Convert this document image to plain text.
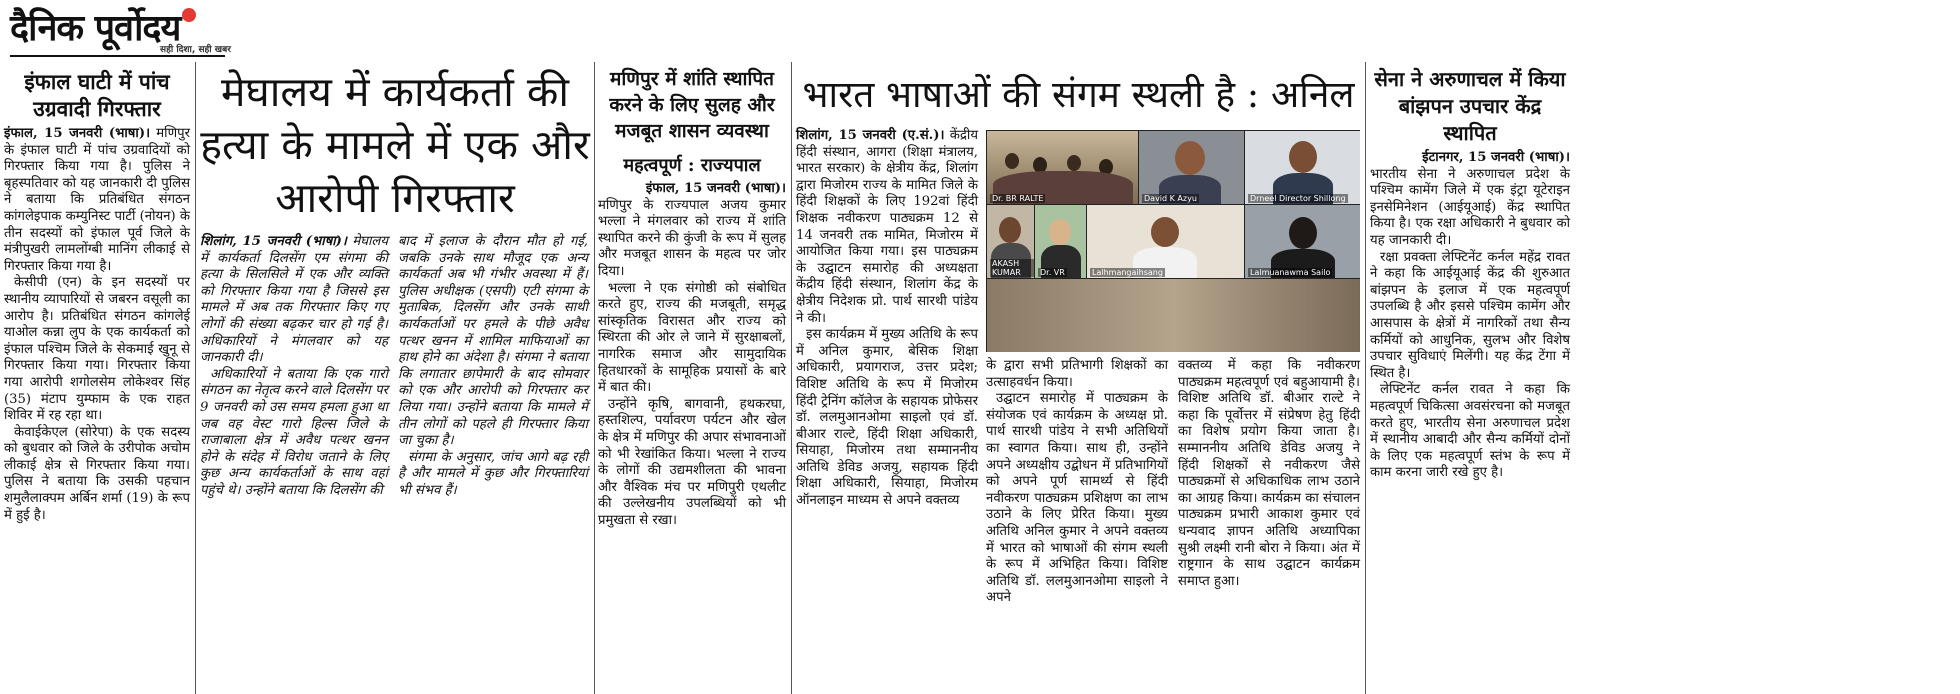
दैनिक पूर्वोदय
सही दिशा, सही खबर
इंफाल घाटी में पांच उग्रवादी गिरफ्तार

इंफाल, 15 जनवरी (भाषा)। मणिपुर के इंफाल घाटी में पांच उग्रवादियों को गिरफ्तार किया गया है। पुलिस ने बृहस्पतिवार को यह जानकारी दी पुलिस ने बताया कि प्रतिबंधित संगठन कांगलेइपाक कम्युनिस्ट पार्टी (नोयन) के तीन सदस्यों को इंफाल पूर्व जिले के मंत्रीपुखरी लामलोंग्बी मानिंग लीकाई से गिरफ्तार किया गया है।

केसीपी (एन) के इन सदस्यों पर स्थानीय व्यापारियों से जबरन वसूली का आरोप है। प्रतिबंधित संगठन कांगलेई याओल कन्ना लुप के एक कार्यकर्ता को इंफाल पश्चिम जिले के सेकमाई खुनू से गिरफ्तार किया गया। गिरफ्तार किया गया आरोपी शगोलसेम लोकेश्वर सिंह (35) मंटाप युम्फाम के एक राहत शिविर में रह रहा था।

केवाईकेएल (सोरेपा) के एक सदस्य को बुधवार को जिले के उरीपोक अचोम लीकाई क्षेत्र से गिरफ्तार किया गया। पुलिस ने बताया कि उसकी पहचान शमुलैलाक्पम अर्बिन शर्मा (19) के रूप में हुई है।

मेघालय में कार्यकर्ता की हत्या के मामले में एक और आरोपी गिरफ्तार

शिलांग, 15 जनवरी (भाषा)। मेघालय में कार्यकर्ता दिलसेंग एम संगमा की हत्या के सिलसिले में एक और व्यक्ति को गिरफ्तार किया गया है जिससे इस मामले में अब तक गिरफ्तार किए गए लोगों की संख्या बढ़कर चार हो गई है। अधिकारियों ने मंगलवार को यह जानकारी दी।

अधिकारियों ने बताया कि एक गारो संगठन का नेतृत्व करने वाले दिलसेंग पर 9 जनवरी को उस समय हमला हुआ था जब वह वेस्ट गारो हिल्स जिले के राजाबाला क्षेत्र में अवैध पत्थर खनन होने के संदेह में विरोध जताने के लिए कुछ अन्य कार्यकर्ताओं के साथ वहां पहुंचे थे। उन्होंने बताया कि दिलसेंग की

बाद में इलाज के दौरान मौत हो गई, जबकि उनके साथ मौजूद एक अन्य कार्यकर्ता अब भी गंभीर अवस्था में हैं। पुलिस अधीक्षक (एसपी) एटी संगमा के मुताबिक, दिलसेंग और उनके साथी कार्यकर्ताओं पर हमले के पीछे अवैध पत्थर खनन में शामिल माफियाओं का हाथ होने का अंदेशा है। संगमा ने बताया कि लगातार छापेमारी के बाद सोमवार को एक और आरोपी को गिरफ्तार कर लिया गया। उन्होंने बताया कि मामले में तीन लोगों को पहले ही गिरफ्तार किया जा चुका है।

संगमा के अनुसार, जांच आगे बढ़ रही है और मामले में कुछ और गिरफ्तारियां भी संभव हैं।

मणिपुर में शांति स्थापित करने के लिए सुलह और मजबूत शासन व्यवस्था
महत्वपूर्ण : राज्यपाल

इंफाल, 15 जनवरी (भाषा)।

मणिपुर के राज्यपाल अजय कुमार भल्ला ने मंगलवार को राज्य में शांति स्थापित करने की कुंजी के रूप में सुलह और मजबूत शासन के महत्व पर जोर दिया।

भल्ला ने एक संगोष्ठी को संबोधित करते हुए, राज्य की मजबूती, समृद्ध सांस्कृतिक विरासत और राज्य को स्थिरता की ओर ले जाने में सुरक्षाबलों, नागरिक समाज और सामुदायिक हितधारकों के सामूहिक प्रयासों के बारे में बात की।

उन्होंने कृषि, बागवानी, हथकरघा, हस्तशिल्प, पर्यावरण पर्यटन और खेल के क्षेत्र में मणिपुर की अपार संभावनाओं को भी रेखांकित किया। भल्ला ने राज्य के लोगों की उद्यमशीलता की भावना और वैश्विक मंच पर मणिपुरी एथलीट की उल्लेखनीय उपलब्धियों को भी प्रमुखता से रखा।

भारत भाषाओं की संगम स्थली है : अनिल

शिलांग, 15 जनवरी (ए.सं.)। केंद्रीय हिंदी संस्थान, आगरा (शिक्षा मंत्रालय, भारत सरकार) के क्षेत्रीय केंद्र, शिलांग द्वारा मिजोरम राज्य के मामित जिले के हिंदी शिक्षकों के लिए 192वां हिंदी शिक्षक नवीकरण पाठ्यक्रम 12 से 14 जनवरी तक मामित, मिजोरम में आयोजित किया गया। इस पाठ्यक्रम के उद्घाटन समारोह की अध्यक्षता केंद्रीय हिंदी संस्थान, शिलांग केंद्र के क्षेत्रीय निदेशक प्रो. पार्थ सारथी पांडेय ने की।

इस कार्यक्रम में मुख्य अतिथि के रूप में अनिल कुमार, बेसिक शिक्षा अधिकारी, प्रयागराज, उत्तर प्रदेश; विशिष्ट अतिथि के रूप में मिजोरम हिंदी ट्रेनिंग कॉलेज के सहायक प्रोफेसर डॉ. ललमुआनओमा साइलो एवं डॉ. बीआर राल्टे, हिंदी शिक्षा अधिकारी, सियाहा, मिजोरम तथा सम्माननीय अतिथि डेविड अजयु, सहायक हिंदी शिक्षा अधिकारी, सियाहा, मिजोरम ऑनलाइन माध्यम से अपने वक्तव्य

Dr. BR RALTE	David K Azyu	Drneel Director Shillong
AKASH KUMAR	Dr. VR	Lalhmangaihsang	Lalmuanawma Sailo

के द्वारा सभी प्रतिभागी शिक्षकों का उत्साहवर्धन किया।

उद्घाटन समारोह में पाठ्यक्रम के संयोजक एवं कार्यक्रम के अध्यक्ष प्रो. पार्थ सारथी पांडेय ने सभी अतिथियों का स्वागत किया। साथ ही, उन्होंने अपने अध्यक्षीय उद्बोधन में प्रतिभागियों को अपने पूर्ण सामर्थ्य से हिंदी नवीकरण पाठ्यक्रम प्रशिक्षण का लाभ उठाने के लिए प्रेरित किया। मुख्य अतिथि अनिल कुमार ने अपने वक्तव्य में भारत को भाषाओं की संगम स्थली के रूप में अभिहित किया। विशिष्ट अतिथि डॉ. ललमुआनओमा साइलो ने अपने

वक्तव्य में कहा कि नवीकरण पाठ्यक्रम महत्वपूर्ण एवं बहुआयामी है। विशिष्ट अतिथि डॉ. बीआर राल्टे ने कहा कि पूर्वोत्तर में संप्रेषण हेतु हिंदी का विशेष प्रयोग किया जाता है। सम्माननीय अतिथि डेविड अजयु ने हिंदी शिक्षकों से नवीकरण जैसे पाठ्यक्रमों से अधिकाधिक लाभ उठाने का आग्रह किया। कार्यक्रम का संचालन पाठ्यक्रम प्रभारी आकाश कुमार एवं धन्यवाद ज्ञापन अतिथि अध्यापिका सुश्री लक्ष्मी रानी बोरा ने किया। अंत में राष्ट्रगान के साथ उद्घाटन कार्यक्रम समाप्त हुआ।

सेना ने अरुणाचल में किया बांझपन उपचार केंद्र स्थापित

ईटानगर, 15 जनवरी (भाषा)।

भारतीय सेना ने अरुणाचल प्रदेश के पश्चिम कामेंग जिले में एक इंट्रा यूटेराइन इनसेमिनेशन (आईयूआई) केंद्र स्थापित किया है। एक रक्षा अधिकारी ने बुधवार को यह जानकारी दी।

रक्षा प्रवक्ता लेफ्टिनेंट कर्नल महेंद्र रावत ने कहा कि आईयूआई केंद्र की शुरुआत बांझपन के इलाज में एक महत्वपूर्ण उपलब्धि है और इससे पश्चिम कामेंग और आसपास के क्षेत्रों में नागरिकों तथा सैन्य कर्मियों को आधुनिक, सुलभ और विशेष उपचार सुविधाएं मिलेंगी। यह केंद्र टेंगा में स्थित है।

लेफ्टिनेंट कर्नल रावत ने कहा कि महत्वपूर्ण चिकित्सा अवसंरचना को मजबूत करते हुए, भारतीय सेना अरुणाचल प्रदेश में स्थानीय आबादी और सैन्य कर्मियों दोनों के लिए एक महत्वपूर्ण स्तंभ के रूप में काम करना जारी रखे हुए है।
